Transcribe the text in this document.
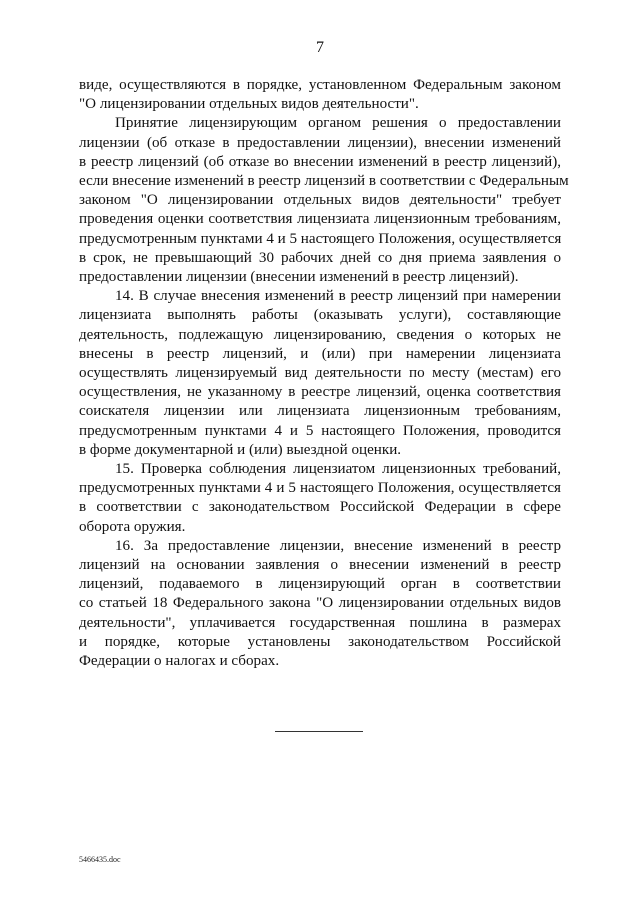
7

виде, осуществляются в порядке, установленном Федеральным законом
"О лицензировании отдельных видов деятельности".

Принятие лицензирующим органом решения о предоставлении
лицензии (об отказе в предоставлении лицензии), внесении изменений
в реестр лицензий (об отказе во внесении изменений в реестр лицензий),
если внесение изменений в реестр лицензий в соответствии с Федеральным
законом "О лицензировании отдельных видов деятельности" требует
проведения оценки соответствия лицензиата лицензионным требованиям,
предусмотренным пунктами 4 и 5 настоящего Положения, осуществляется
в срок, не превышающий 30 рабочих дней со дня приема заявления о
предоставлении лицензии (внесении изменений в реестр лицензий).

14. В случае внесения изменений в реестр лицензий при намерении
лицензиата выполнять работы (оказывать услуги), составляющие
деятельность, подлежащую лицензированию, сведения о которых не
внесены в реестр лицензий, и (или) при намерении лицензиата
осуществлять лицензируемый вид деятельности по месту (местам) его
осуществления, не указанному в реестре лицензий, оценка соответствия
соискателя лицензии или лицензиата лицензионным требованиям,
предусмотренным пунктами 4 и 5 настоящего Положения, проводится
в форме документарной и (или) выездной оценки.

15. Проверка соблюдения лицензиатом лицензионных требований,
предусмотренных пунктами 4 и 5 настоящего Положения, осуществляется
в соответствии с законодательством Российской Федерации в сфере
оборота оружия.

16. За предоставление лицензии, внесение изменений в реестр
лицензий на основании заявления о внесении изменений в реестр
лицензий, подаваемого в лицензирующий орган в соответствии
со статьей 18 Федерального закона "О лицензировании отдельных видов
деятельности", уплачивается государственная пошлина в размерах
и порядке, которые установлены законодательством Российской
Федерации о налогах и сборах.

5466435.doc
